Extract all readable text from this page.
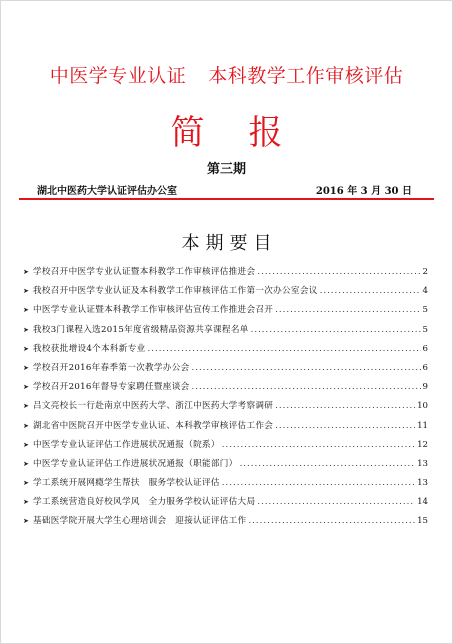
中医学专业认证 本科教学工作审核评估
简报
第三期
湖北中医药大学认证评估办公室	2016 年 3 月 30 日
本期要目
➤ 学校召开中医学专业认证暨本科教学工作审核评估推进会 .....	2
➤ 我校召开中医学专业认证及本科教学工作审核评估工作第一次办公室会议 .....	4
➤ 中医学专业认证暨本科教学工作审核评估宣传工作推进会召开 .....	5
➤ 我校3门课程入选2015年度省级精品资源共享课程名单 .....	5
➤ 我校获批增设4个本科新专业 .....	6
➤ 学校召开2016年春季第一次教学办公会 .....	6
➤ 学校召开2016年督导专家聘任暨座谈会 .....	9
➤ 吕文亮校长一行赴南京中医药大学、浙江中医药大学考察调研 .....	10
➤ 湖北省中医院召开中医学专业认证、本科教学审核评估工作会 .....	11
➤ 中医学专业认证评估工作进展状况通报（院系） .....	12
➤ 中医学专业认证评估工作进展状况通报（职能部门） .....	13
➤ 学工系统开展网瘾学生帮扶　服务学校认证评估 .....	13
➤ 学工系统营造良好校风学风　全力服务学校认证评估大局 .....	14
➤ 基础医学院开展大学生心理培训会　迎接认证评估工作 .....	15
